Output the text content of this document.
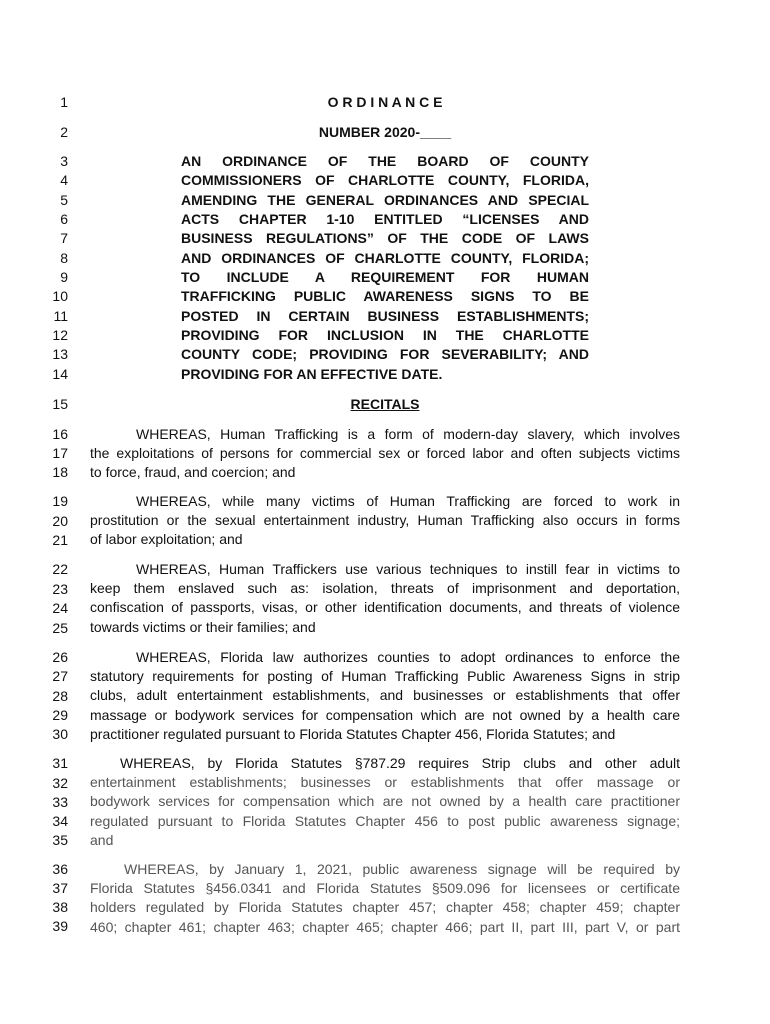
1
2
3
4
5
6
7
8
9
10
11
12
13
14
15
16
17
18
19
20
21
22
23
24
25
26
27
28
29
30
31
32
33
34
35
36
37
38
39
O R D I N A N C E
NUMBER 2020-____
AN ORDINANCE OF THE BOARD OF COUNTY
COMMISSIONERS OF CHARLOTTE COUNTY, FLORIDA,
AMENDING THE GENERAL ORDINANCES AND SPECIAL
ACTS CHAPTER 1-10 ENTITLED “LICENSES AND
BUSINESS REGULATIONS” OF THE CODE OF LAWS
AND ORDINANCES OF CHARLOTTE COUNTY, FLORIDA;
TO INCLUDE A REQUIREMENT FOR HUMAN
TRAFFICKING PUBLIC AWARENESS SIGNS TO BE
POSTED IN CERTAIN BUSINESS ESTABLISHMENTS;
PROVIDING FOR INCLUSION IN THE CHARLOTTE
COUNTY CODE; PROVIDING FOR SEVERABILITY; AND
PROVIDING FOR AN EFFECTIVE DATE.
RECITALS
WHEREAS, Human Trafficking is a form of modern-day slavery, which involves
the exploitations of persons for commercial sex or forced labor and often subjects victims
to force, fraud, and coercion; and
WHEREAS, while many victims of Human Trafficking are forced to work in
prostitution or the sexual entertainment industry, Human Trafficking also occurs in forms
of labor exploitation; and
WHEREAS, Human Traffickers use various techniques to instill fear in victims to
keep them enslaved such as: isolation, threats of imprisonment and deportation,
confiscation of passports, visas, or other identification documents, and threats of violence
towards victims or their families; and
WHEREAS, Florida law authorizes counties to adopt ordinances to enforce the
statutory requirements for posting of Human Trafficking Public Awareness Signs in strip
clubs, adult entertainment establishments, and businesses or establishments that offer
massage or bodywork services for compensation which are not owned by a health care
practitioner regulated pursuant to Florida Statutes Chapter 456, Florida Statutes; and
WHEREAS, by Florida Statutes §787.29 requires Strip clubs and other adult
entertainment establishments; businesses or establishments that offer massage or
bodywork services for compensation which are not owned by a health care practitioner
regulated pursuant to Florida Statutes Chapter 456 to post public awareness signage;
and
WHEREAS, by January 1, 2021, public awareness signage will be required by
Florida Statutes §456.0341 and Florida Statutes §509.096 for licensees or certificate
holders regulated by Florida Statutes chapter 457; chapter 458; chapter 459; chapter
460; chapter 461; chapter 463; chapter 465; chapter 466; part II, part III, part V, or part
